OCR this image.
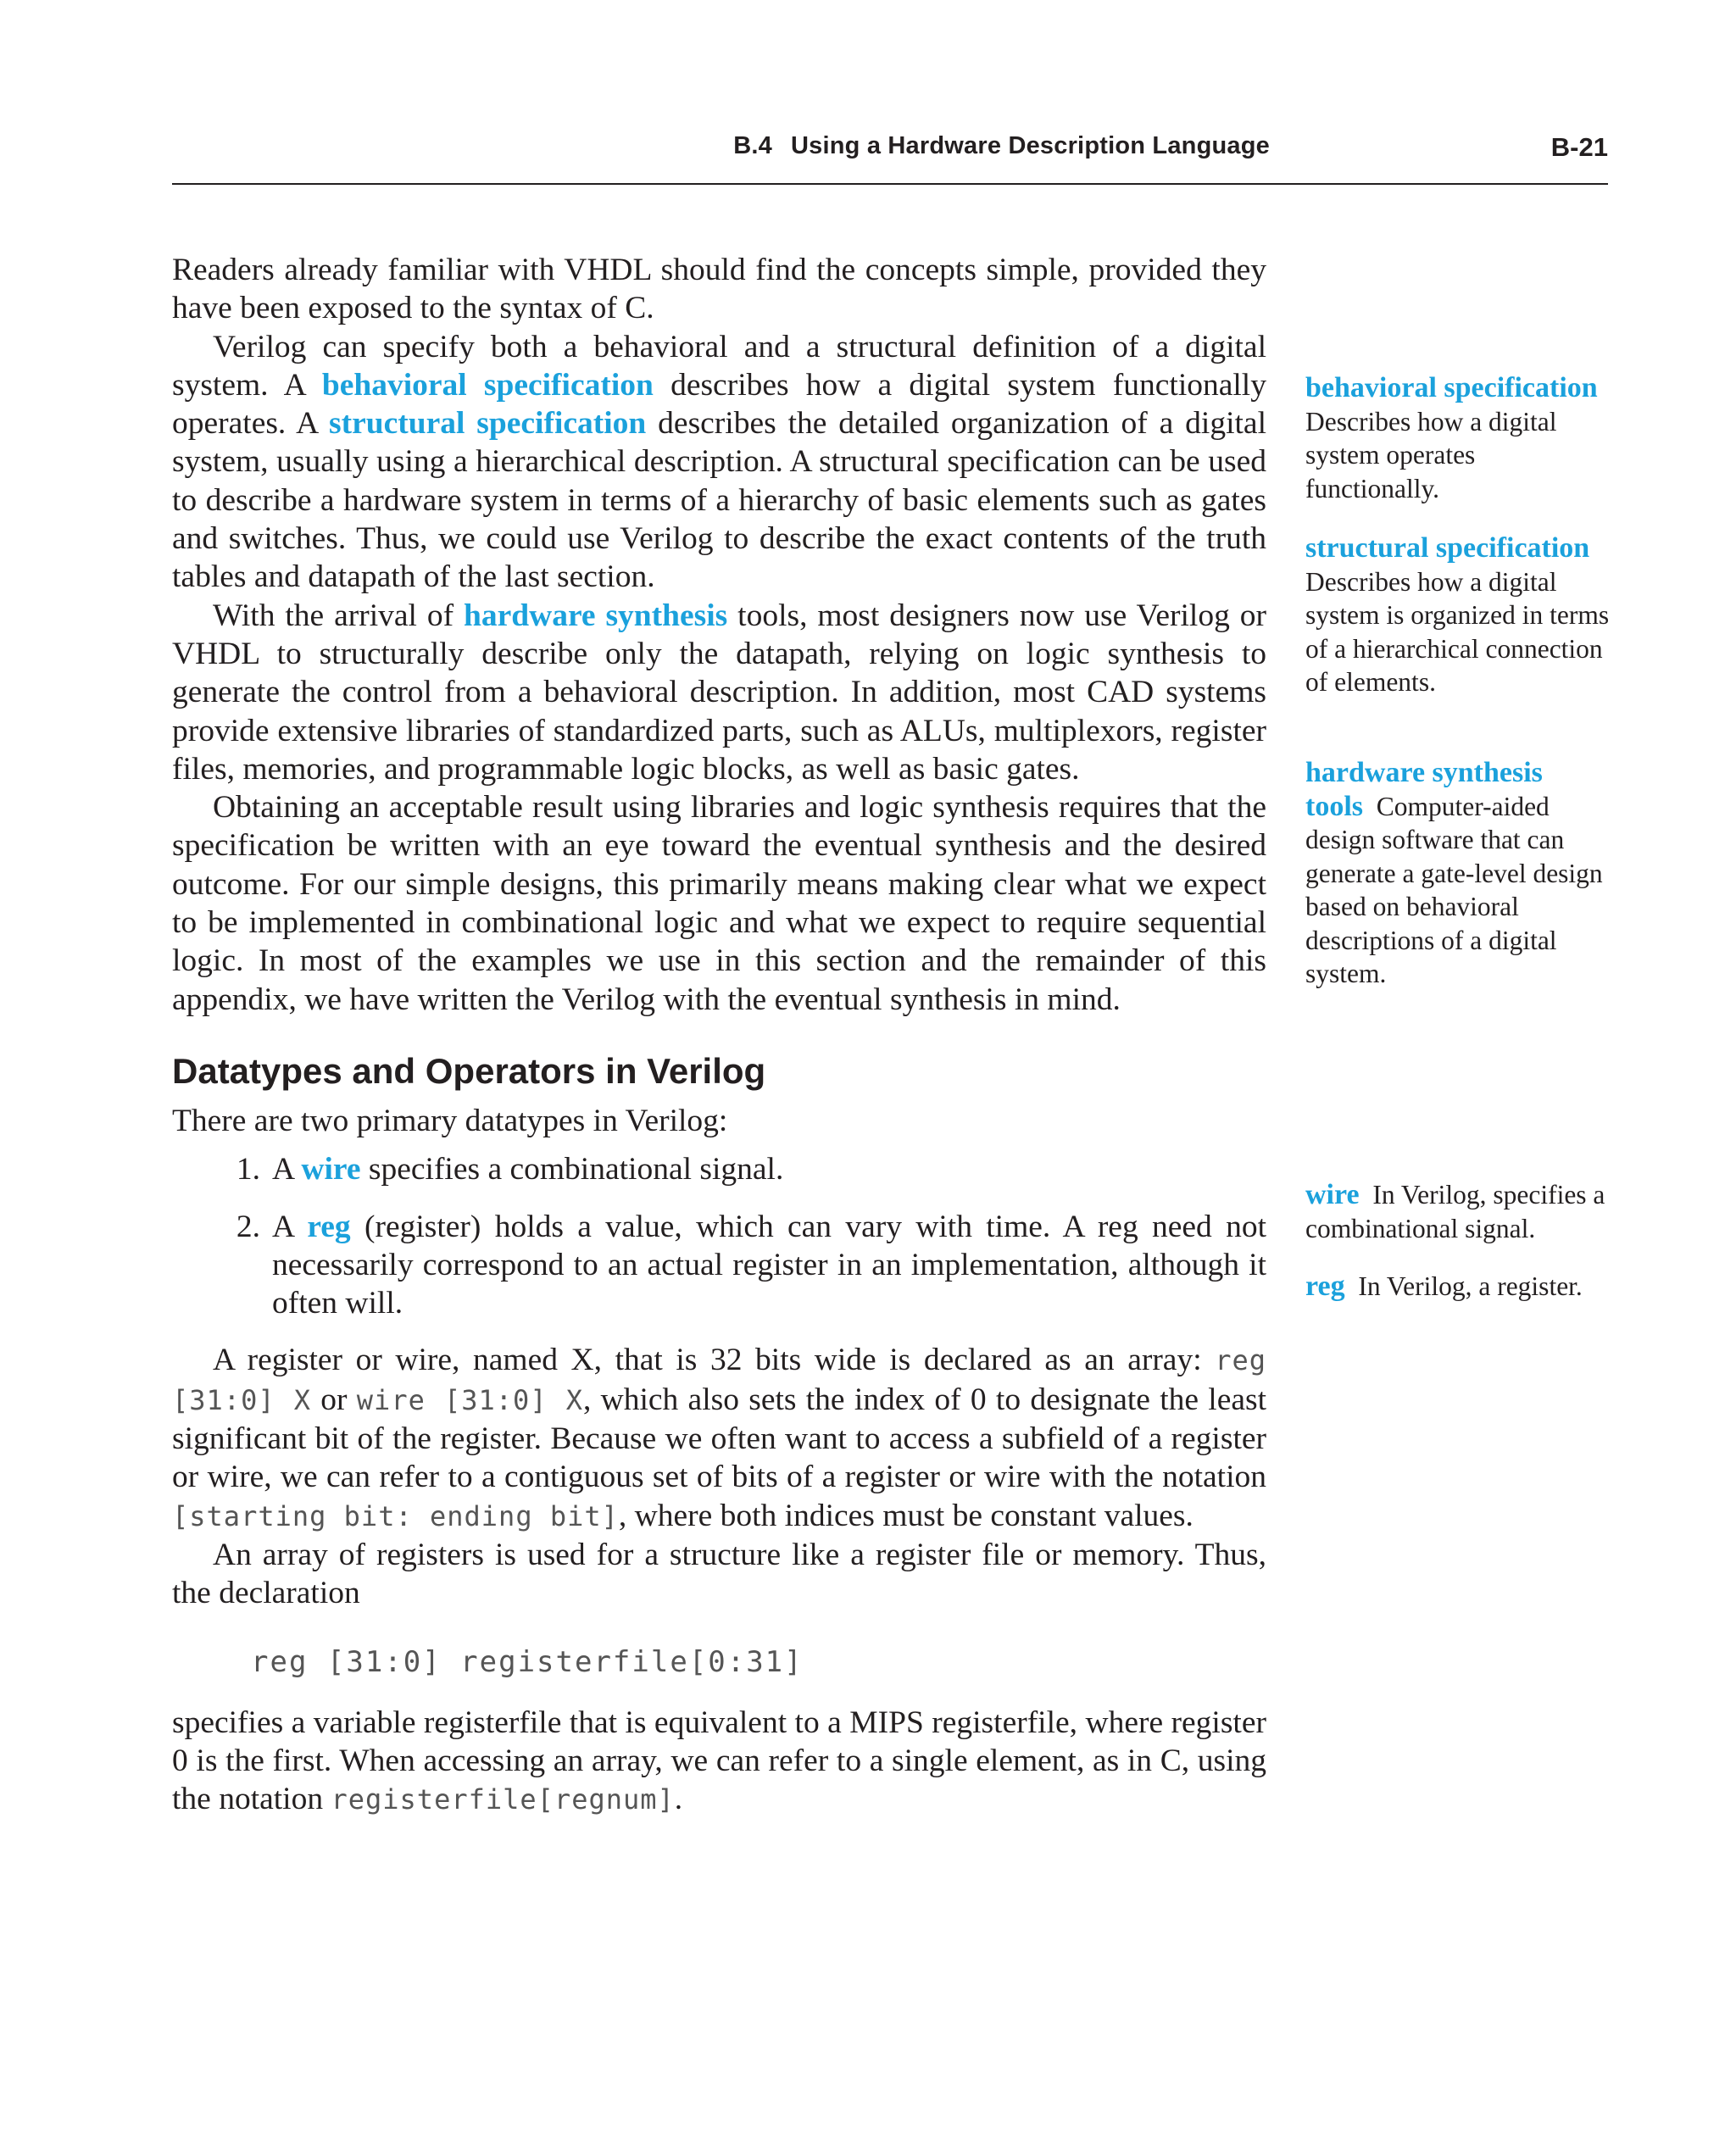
B.4 Using a Hardware Description Language	B-21

Readers already familiar with VHDL should find the concepts simple, provided they have been exposed to the syntax of C.

Verilog can specify both a behavioral and a structural definition of a digital system. A behavioral specification describes how a digital system functionally operates. A structural specification describes the detailed organization of a digital system, usually using a hierarchical description. A structural specification can be used to describe a hardware system in terms of a hierarchy of basic elements such as gates and switches. Thus, we could use Verilog to describe the exact contents of the truth tables and datapath of the last section.

With the arrival of hardware synthesis tools, most designers now use Verilog or VHDL to structurally describe only the datapath, relying on logic synthesis to generate the control from a behavioral description. In addition, most CAD systems provide extensive libraries of standardized parts, such as ALUs, multiplexors, register files, memories, and programmable logic blocks, as well as basic gates.

Obtaining an acceptable result using libraries and logic synthesis requires that the specification be written with an eye toward the eventual synthesis and the desired outcome. For our simple designs, this primarily means making clear what we expect to be implemented in combinational logic and what we expect to require sequential logic. In most of the examples we use in this section and the remainder of this appendix, we have written the Verilog with the eventual synthesis in mind.

Datatypes and Operators in Verilog

There are two primary datatypes in Verilog:

1. A wire specifies a combinational signal.
2. A reg (register) holds a value, which can vary with time. A reg need not necessarily correspond to an actual register in an implementation, although it often will.

A register or wire, named X, that is 32 bits wide is declared as an array: reg [31:0] X or wire [31:0] X, which also sets the index of 0 to designate the least significant bit of the register. Because we often want to access a subfield of a register or wire, we can refer to a contiguous set of bits of a register or wire with the notation [starting bit: ending bit], where both indices must be constant values.

An array of registers is used for a structure like a register file or memory. Thus, the declaration

reg [31:0] registerfile[0:31]

specifies a variable registerfile that is equivalent to a MIPS registerfile, where register 0 is the first. When accessing an array, we can refer to a single element, as in C, using the notation registerfile[regnum].

behavioral specification  Describes how a digital system operates functionally.
structural specification  Describes how a digital system is organized in terms of a hierarchical connection of elements.
hardware synthesis tools Computer-aided design software that can generate a gate-level design based on behavioral descriptions of a digital system.
wire In Verilog, specifies a combinational signal.
reg In Verilog, a register.
